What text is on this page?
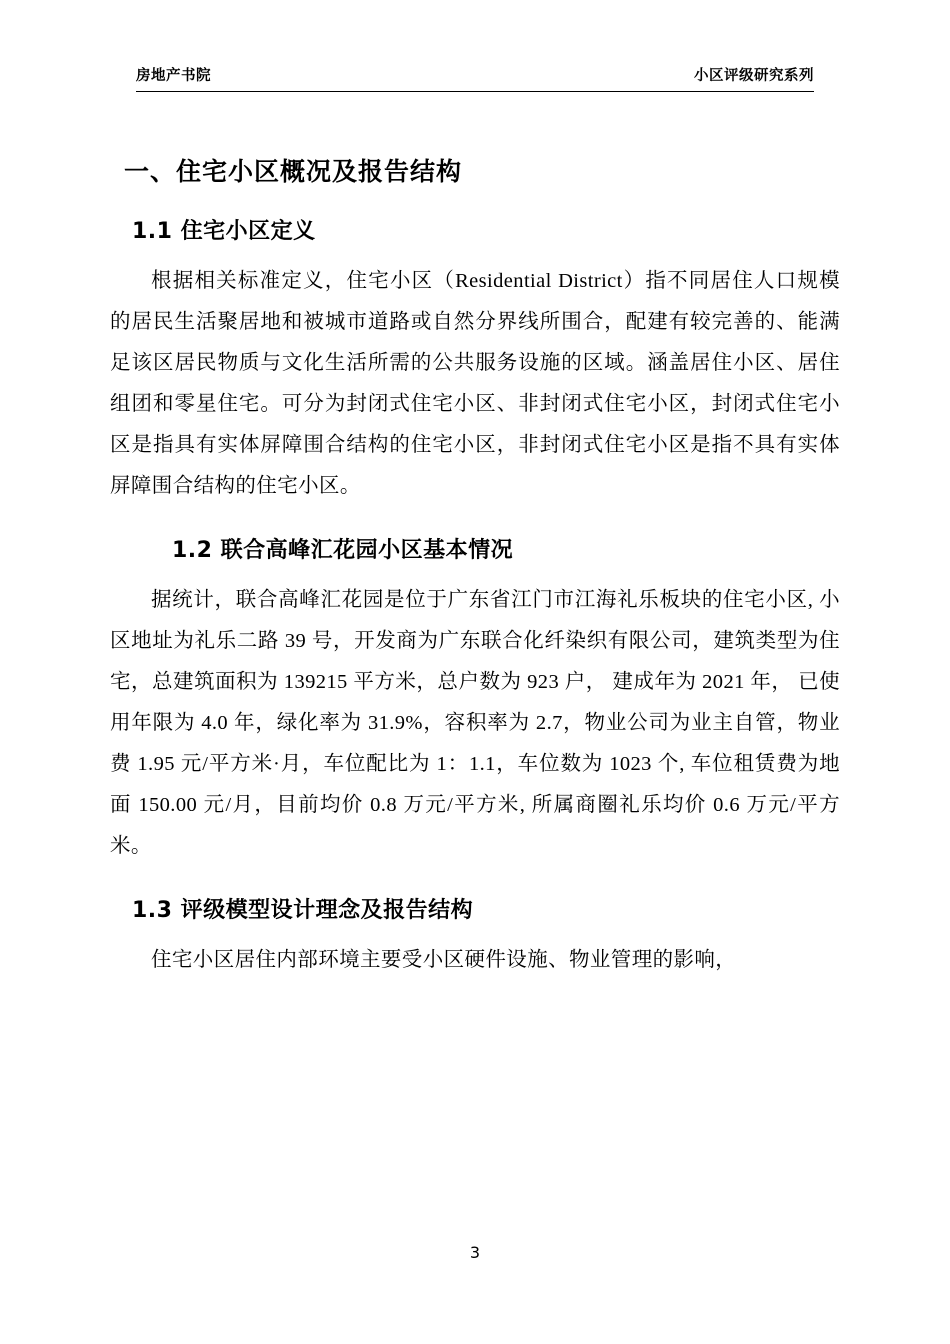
房地产书院	小区评级研究系列
一、住宅小区概况及报告结构
1.1 住宅小区定义

根据相关标准定义，住宅小区（Residential District）指不同居住人口规模的居民生活聚居地和被城市道路或自然分界线所围合，配建有较完善的、能满足该区居民物质与文化生活所需的公共服务设施的区域。涵盖居住小区、居住组团和零星住宅。可分为封闭式住宅小区、非封闭式住宅小区，封闭式住宅小区是指具有实体屏障围合结构的住宅小区，非封闭式住宅小区是指不具有实体屏障围合结构的住宅小区。

1.2 联合高峰汇花园小区基本情况

据统计，联合高峰汇花园是位于广东省江门市江海礼乐板块的住宅小区, 小区地址为礼乐二路 39 号，开发商为广东联合化纤染织有限公司，建筑类型为住宅，总建筑面积为 139215 平方米，总户数为 923 户， 建成年为 2021 年， 已使用年限为 4.0 年，绿化率为 31.9%，容积率为 2.7，物业公司为业主自管，物业费 1.95 元/平方米·月，车位配比为 1：1.1，车位数为 1023 个, 车位租赁费为地面 150.00 元/月，目前均价 0.8 万元/平方米, 所属商圈礼乐均价 0.6 万元/平方米。

1.3 评级模型设计理念及报告结构

住宅小区居住内部环境主要受小区硬件设施、物业管理的影响，

3
